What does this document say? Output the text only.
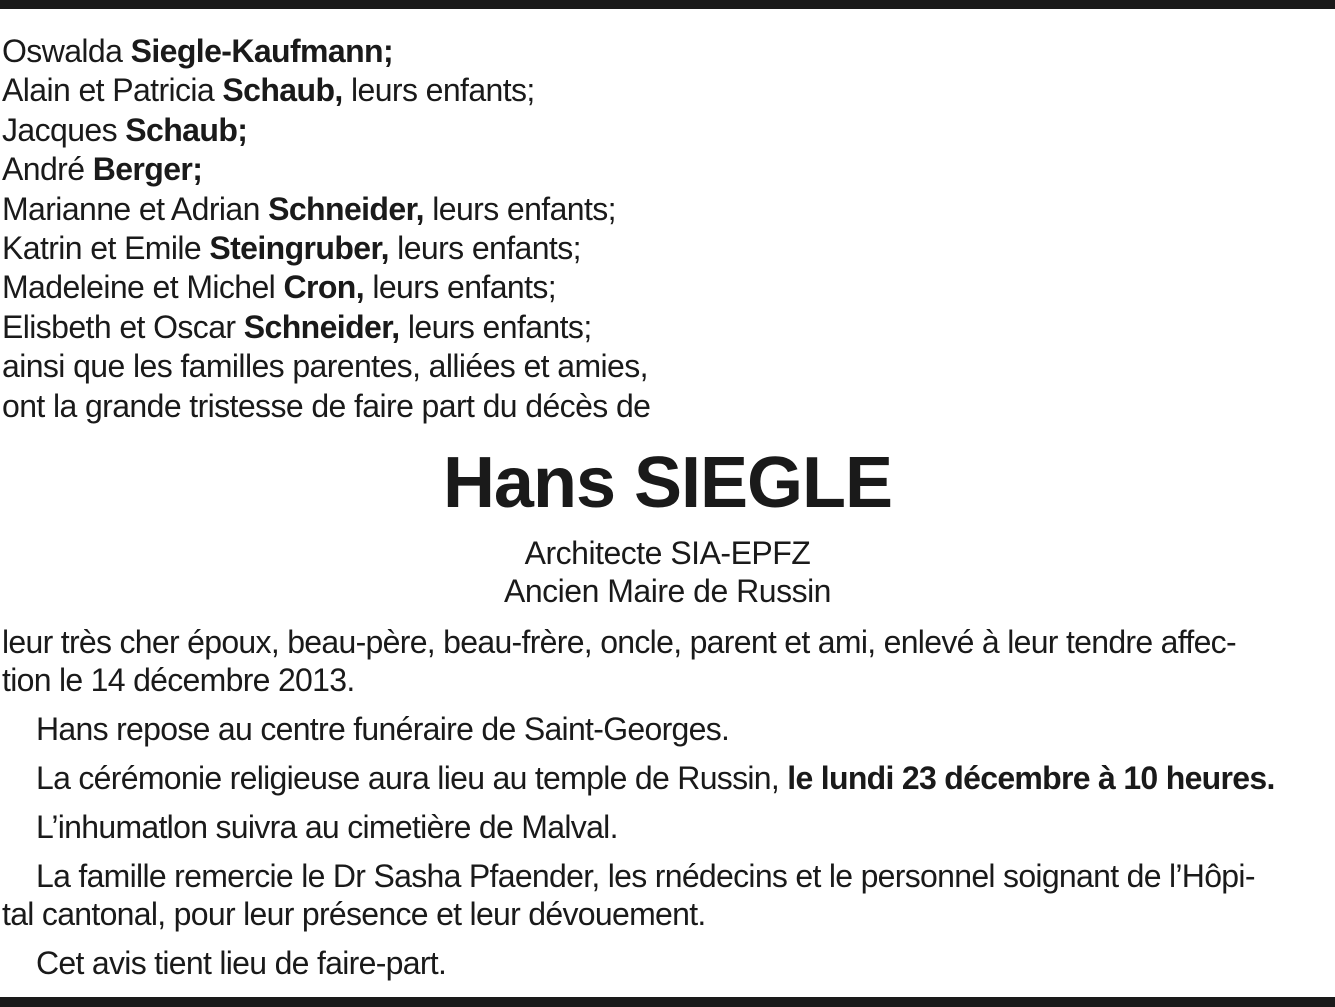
Oswalda Siegle-Kaufmann;
Alain et Patricia Schaub, leurs enfants;
Jacques Schaub;
André Berger;
Marianne et Adrian Schneider, leurs enfants;
Katrin et Emile Steingruber, leurs enfants;
Madeleine et Michel Cron, leurs enfants;
Elisbeth et Oscar Schneider, leurs enfants;
ainsi que les familles parentes, alliées et amies,
ont la grande tristesse de faire part du décès de
Hans SIEGLE
Architecte SIA-EPFZ
Ancien Maire de Russin
leur très cher époux, beau-père, beau-frère, oncle, parent et ami, enlevé à leur tendre affec-
tion le 14 décembre 2013.
Hans repose au centre funéraire de Saint-Georges.
La cérémonie religieuse aura lieu au temple de Russin, le lundi 23 décembre à 10 heures.
L’inhumatlon suivra au cimetière de Malval.
La famille remercie le Dr Sasha Pfaender, les rnédecins et le personnel soignant de l’Hôpi-
tal cantonal, pour leur présence et leur dévouement.
Cet avis tient lieu de faire-part.
